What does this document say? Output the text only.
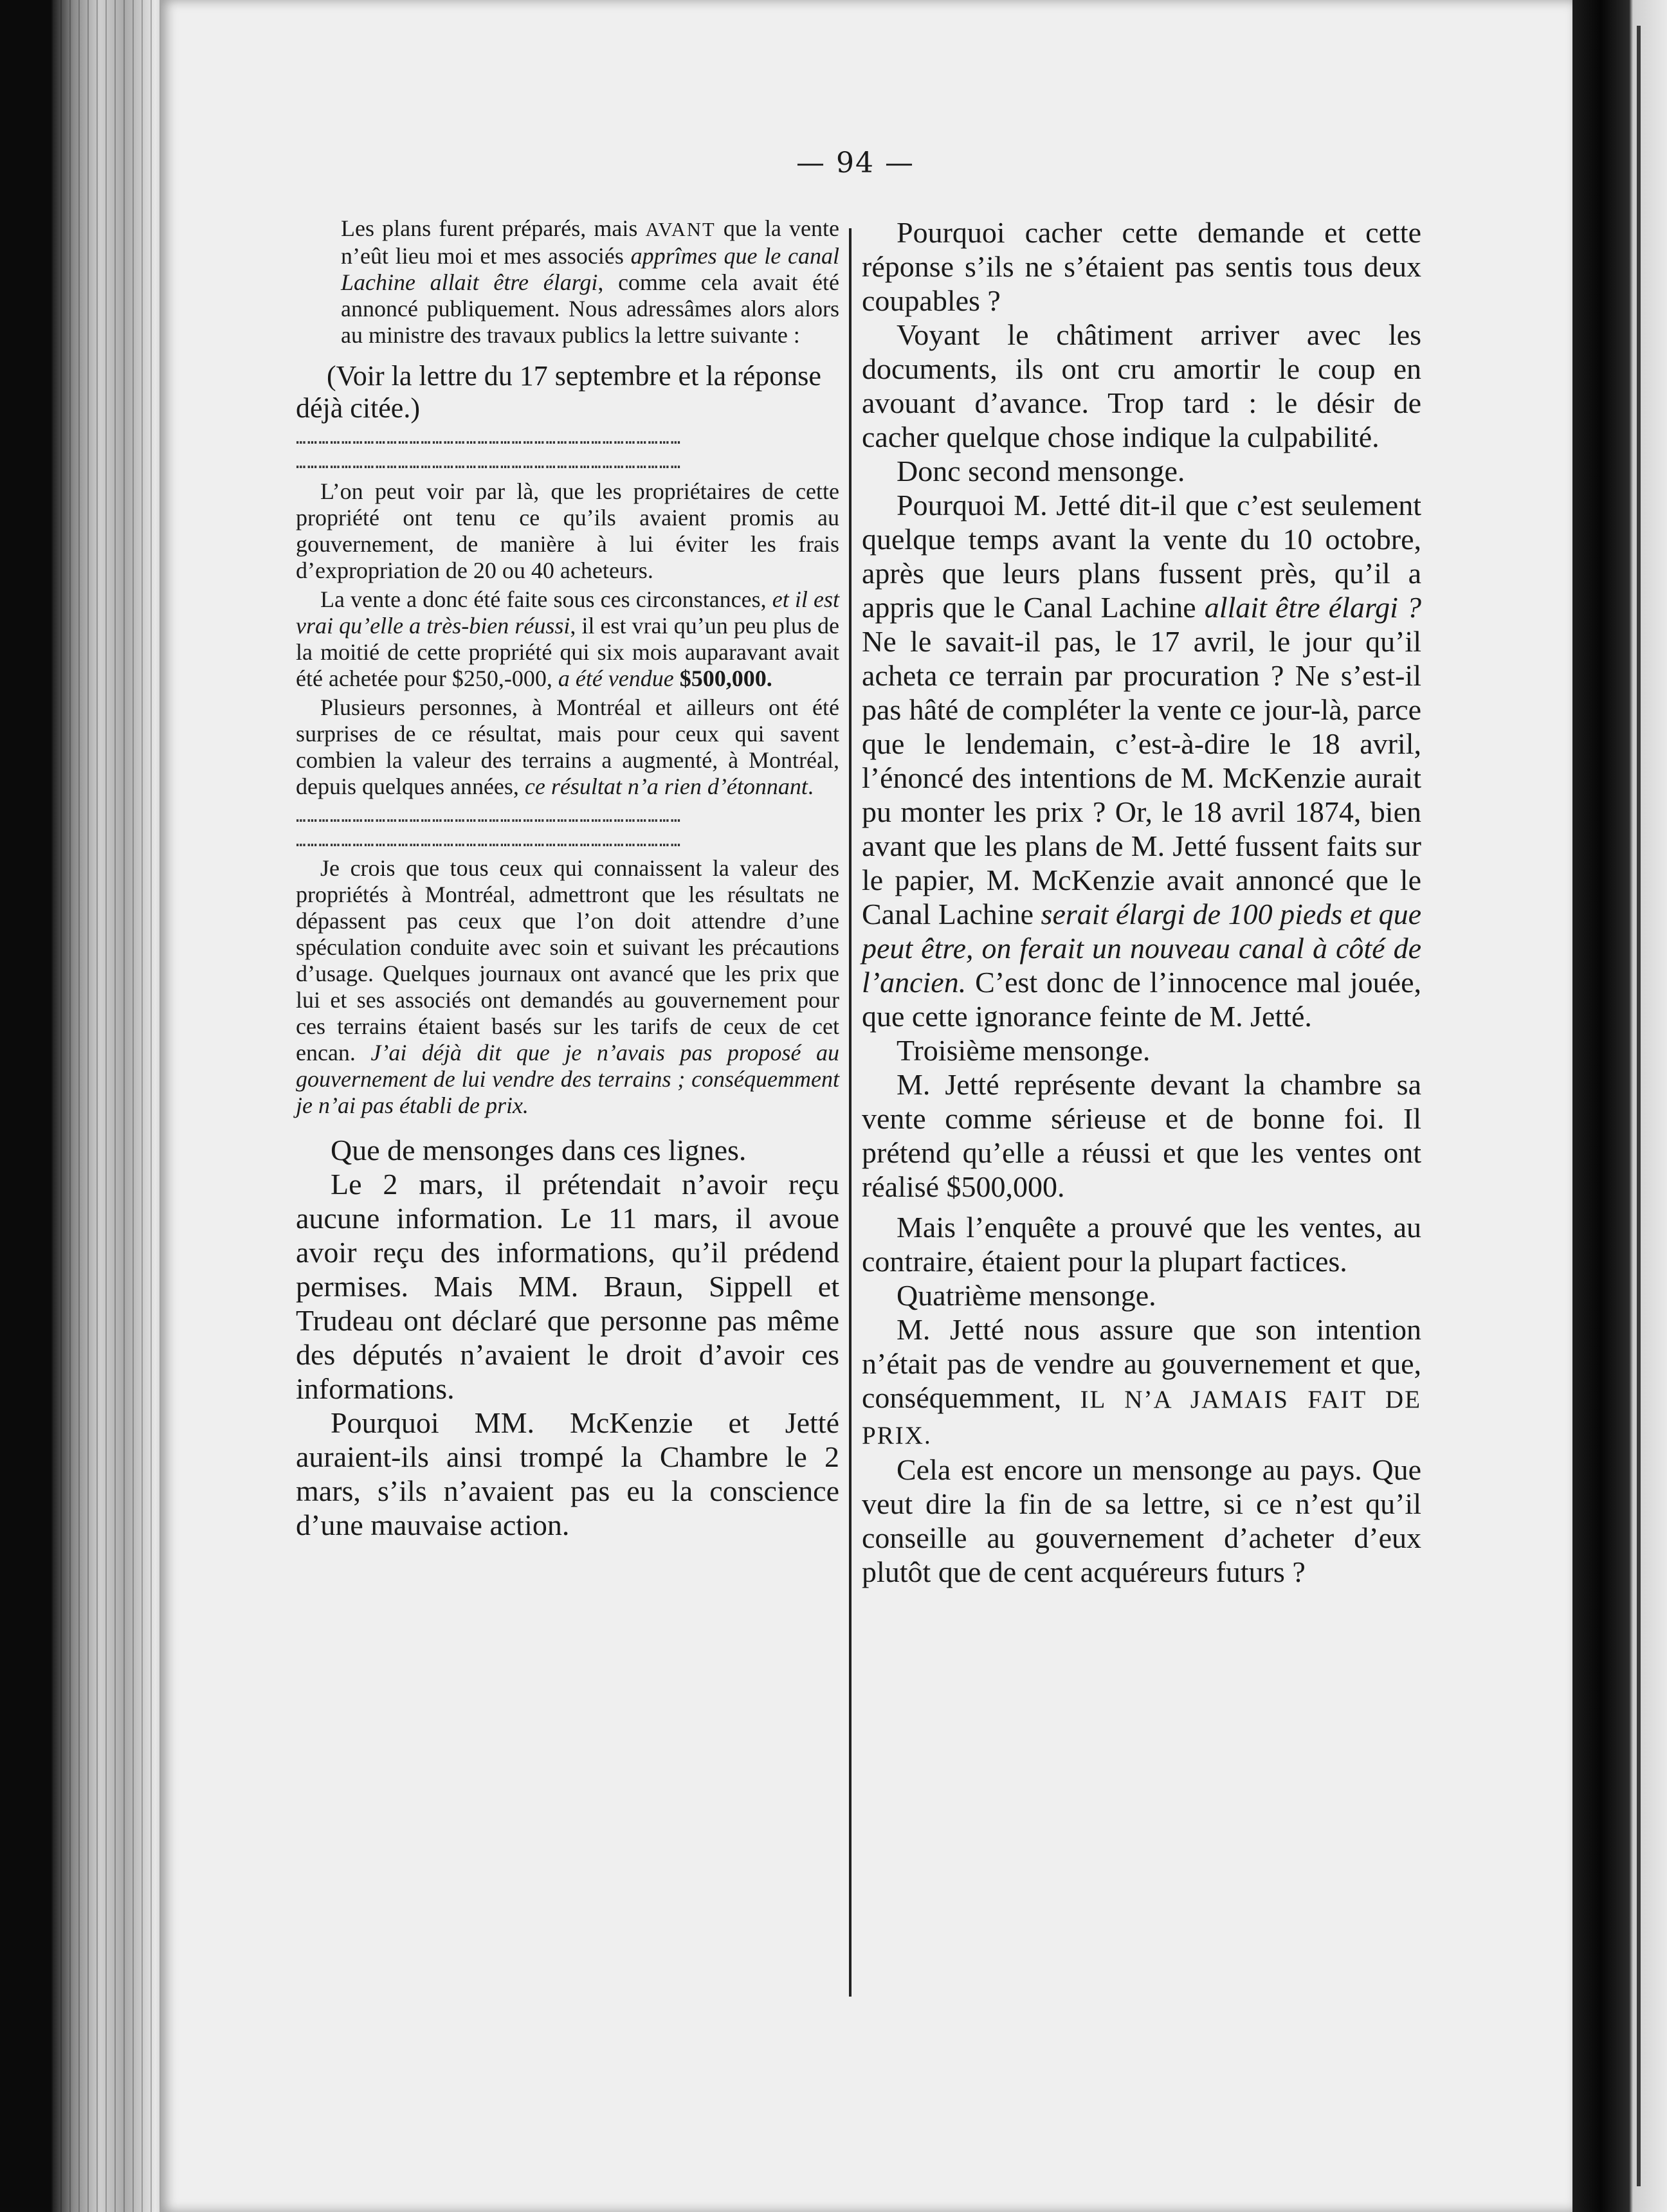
— 94 —

Les plans furent préparés, mais AVANT que la vente n’eût lieu moi et mes associés apprîmes que le canal Lachine allait être élargi, comme cela avait été annoncé publiquement. Nous adressâmes alors alors au ministre des travaux publics la lettre suivante :

(Voir la lettre du 17 septembre et la réponse déjà citée.)

…………………………………………………………………………………………
…………………………………………………………………………………………

L’on peut voir par là, que les propriétaires de cette propriété ont tenu ce qu’ils avaient promis au gouvernement, de manière à lui éviter les frais d’expropriation de 20 ou 40 acheteurs.

La vente a donc été faite sous ces circonstances, et il est vrai qu’elle a très-bien réussi, il est vrai qu’un peu plus de la moitié de cette propriété qui six mois auparavant avait été achetée pour $250,-000, a été vendue $500,000.

Plusieurs personnes, à Montréal et ailleurs ont été surprises de ce résultat, mais pour ceux qui savent combien la valeur des terrains a augmenté, à Montréal, depuis quelques années, ce résultat n’a rien d’étonnant.

…………………………………………………………………………………………
…………………………………………………………………………………………

Je crois que tous ceux qui connaissent la valeur des propriétés à Montréal, admettront que les résultats ne dépassent pas ceux que l’on doit attendre d’une spéculation conduite avec soin et suivant les précautions d’usage. Quelques journaux ont avancé que les prix que lui et ses associés ont demandés au gouvernement pour ces terrains étaient basés sur les tarifs de ceux de cet encan. J’ai déjà dit que je n’avais pas proposé au gouvernement de lui vendre des terrains ; conséquemment je n’ai pas établi de prix.

Que de mensonges dans ces lignes.

Le 2 mars, il prétendait n’avoir reçu aucune information. Le 11 mars, il avoue avoir reçu des informations, qu’il prédend permises. Mais MM. Braun, Sippell et Trudeau ont déclaré que personne pas même des députés n’avaient le droit d’avoir ces informations.

Pourquoi MM. McKenzie et Jetté auraient-ils ainsi trompé la Chambre le 2 mars, s’ils n’avaient pas eu la conscience d’une mauvaise action.

Pourquoi cacher cette demande et cette réponse s’ils ne s’étaient pas sentis tous deux coupables ?

Voyant le châtiment arriver avec les documents, ils ont cru amortir le coup en avouant d’avance. Trop tard : le désir de cacher quelque chose indique la culpabilité.

Donc second mensonge.

Pourquoi M. Jetté dit-il que c’est seulement quelque temps avant la vente du 10 octobre, après que leurs plans fussent près, qu’il a appris que le Canal Lachine allait être élargi ? Ne le savait-il pas, le 17 avril, le jour qu’il acheta ce terrain par procuration ? Ne s’est-il pas hâté de compléter la vente ce jour-là, parce que le lendemain, c’est-à-dire le 18 avril, l’énoncé des intentions de M. McKenzie aurait pu monter les prix ? Or, le 18 avril 1874, bien avant que les plans de M. Jetté fussent faits sur le papier, M. McKenzie avait annoncé que le Canal Lachine serait élargi de 100 pieds et que peut être, on ferait un nouveau canal à côté de l’ancien. C’est donc de l’innocence mal jouée, que cette ignorance feinte de M. Jetté.

Troisième mensonge.

M. Jetté représente devant la chambre sa vente comme sérieuse et de bonne foi. Il prétend qu’elle a réussi et que les ventes ont réalisé $500,000.

Mais l’enquête a prouvé que les ventes, au contraire, étaient pour la plupart factices.

Quatrième mensonge.

M. Jetté nous assure que son intention n’était pas de vendre au gouvernement et que, conséquemment, IL N’A JAMAIS FAIT DE PRIX.

Cela est encore un mensonge au pays. Que veut dire la fin de sa lettre, si ce n’est qu’il conseille au gouvernement d’acheter d’eux plutôt que de cent acquéreurs futurs ?
